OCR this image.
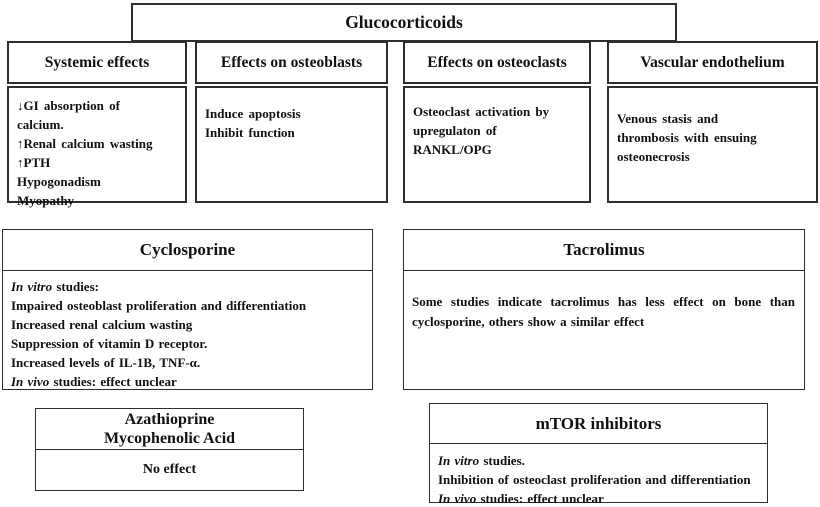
Glucocorticoids
Systemic effects
↓GI absorption of
calcium.
↑Renal calcium wasting
↑PTH
Hypogonadism
Myopathy
Effects on osteoblasts
Induce apoptosis
Inhibit function
Effects on osteoclasts
Osteoclast activation by
upregulaton of
RANKL/OPG
Vascular endothelium
Venous stasis and
thrombosis with ensuing
osteonecrosis
Cyclosporine
In vitro studies:
Impaired osteoblast proliferation and differentiation
Increased renal calcium wasting
Suppression of vitamin D receptor.
Increased levels of IL-1B, TNF-α.
In vivo studies: effect unclear
Tacrolimus
Some studies indicate tacrolimus has less effect on bone than cyclosporine, others show a similar effect
Azathioprine
Mycophenolic Acid
No effect
mTOR inhibitors
In vitro studies.
Inhibition of osteoclast proliferation and differentiation
In vivo studies: effect unclear
